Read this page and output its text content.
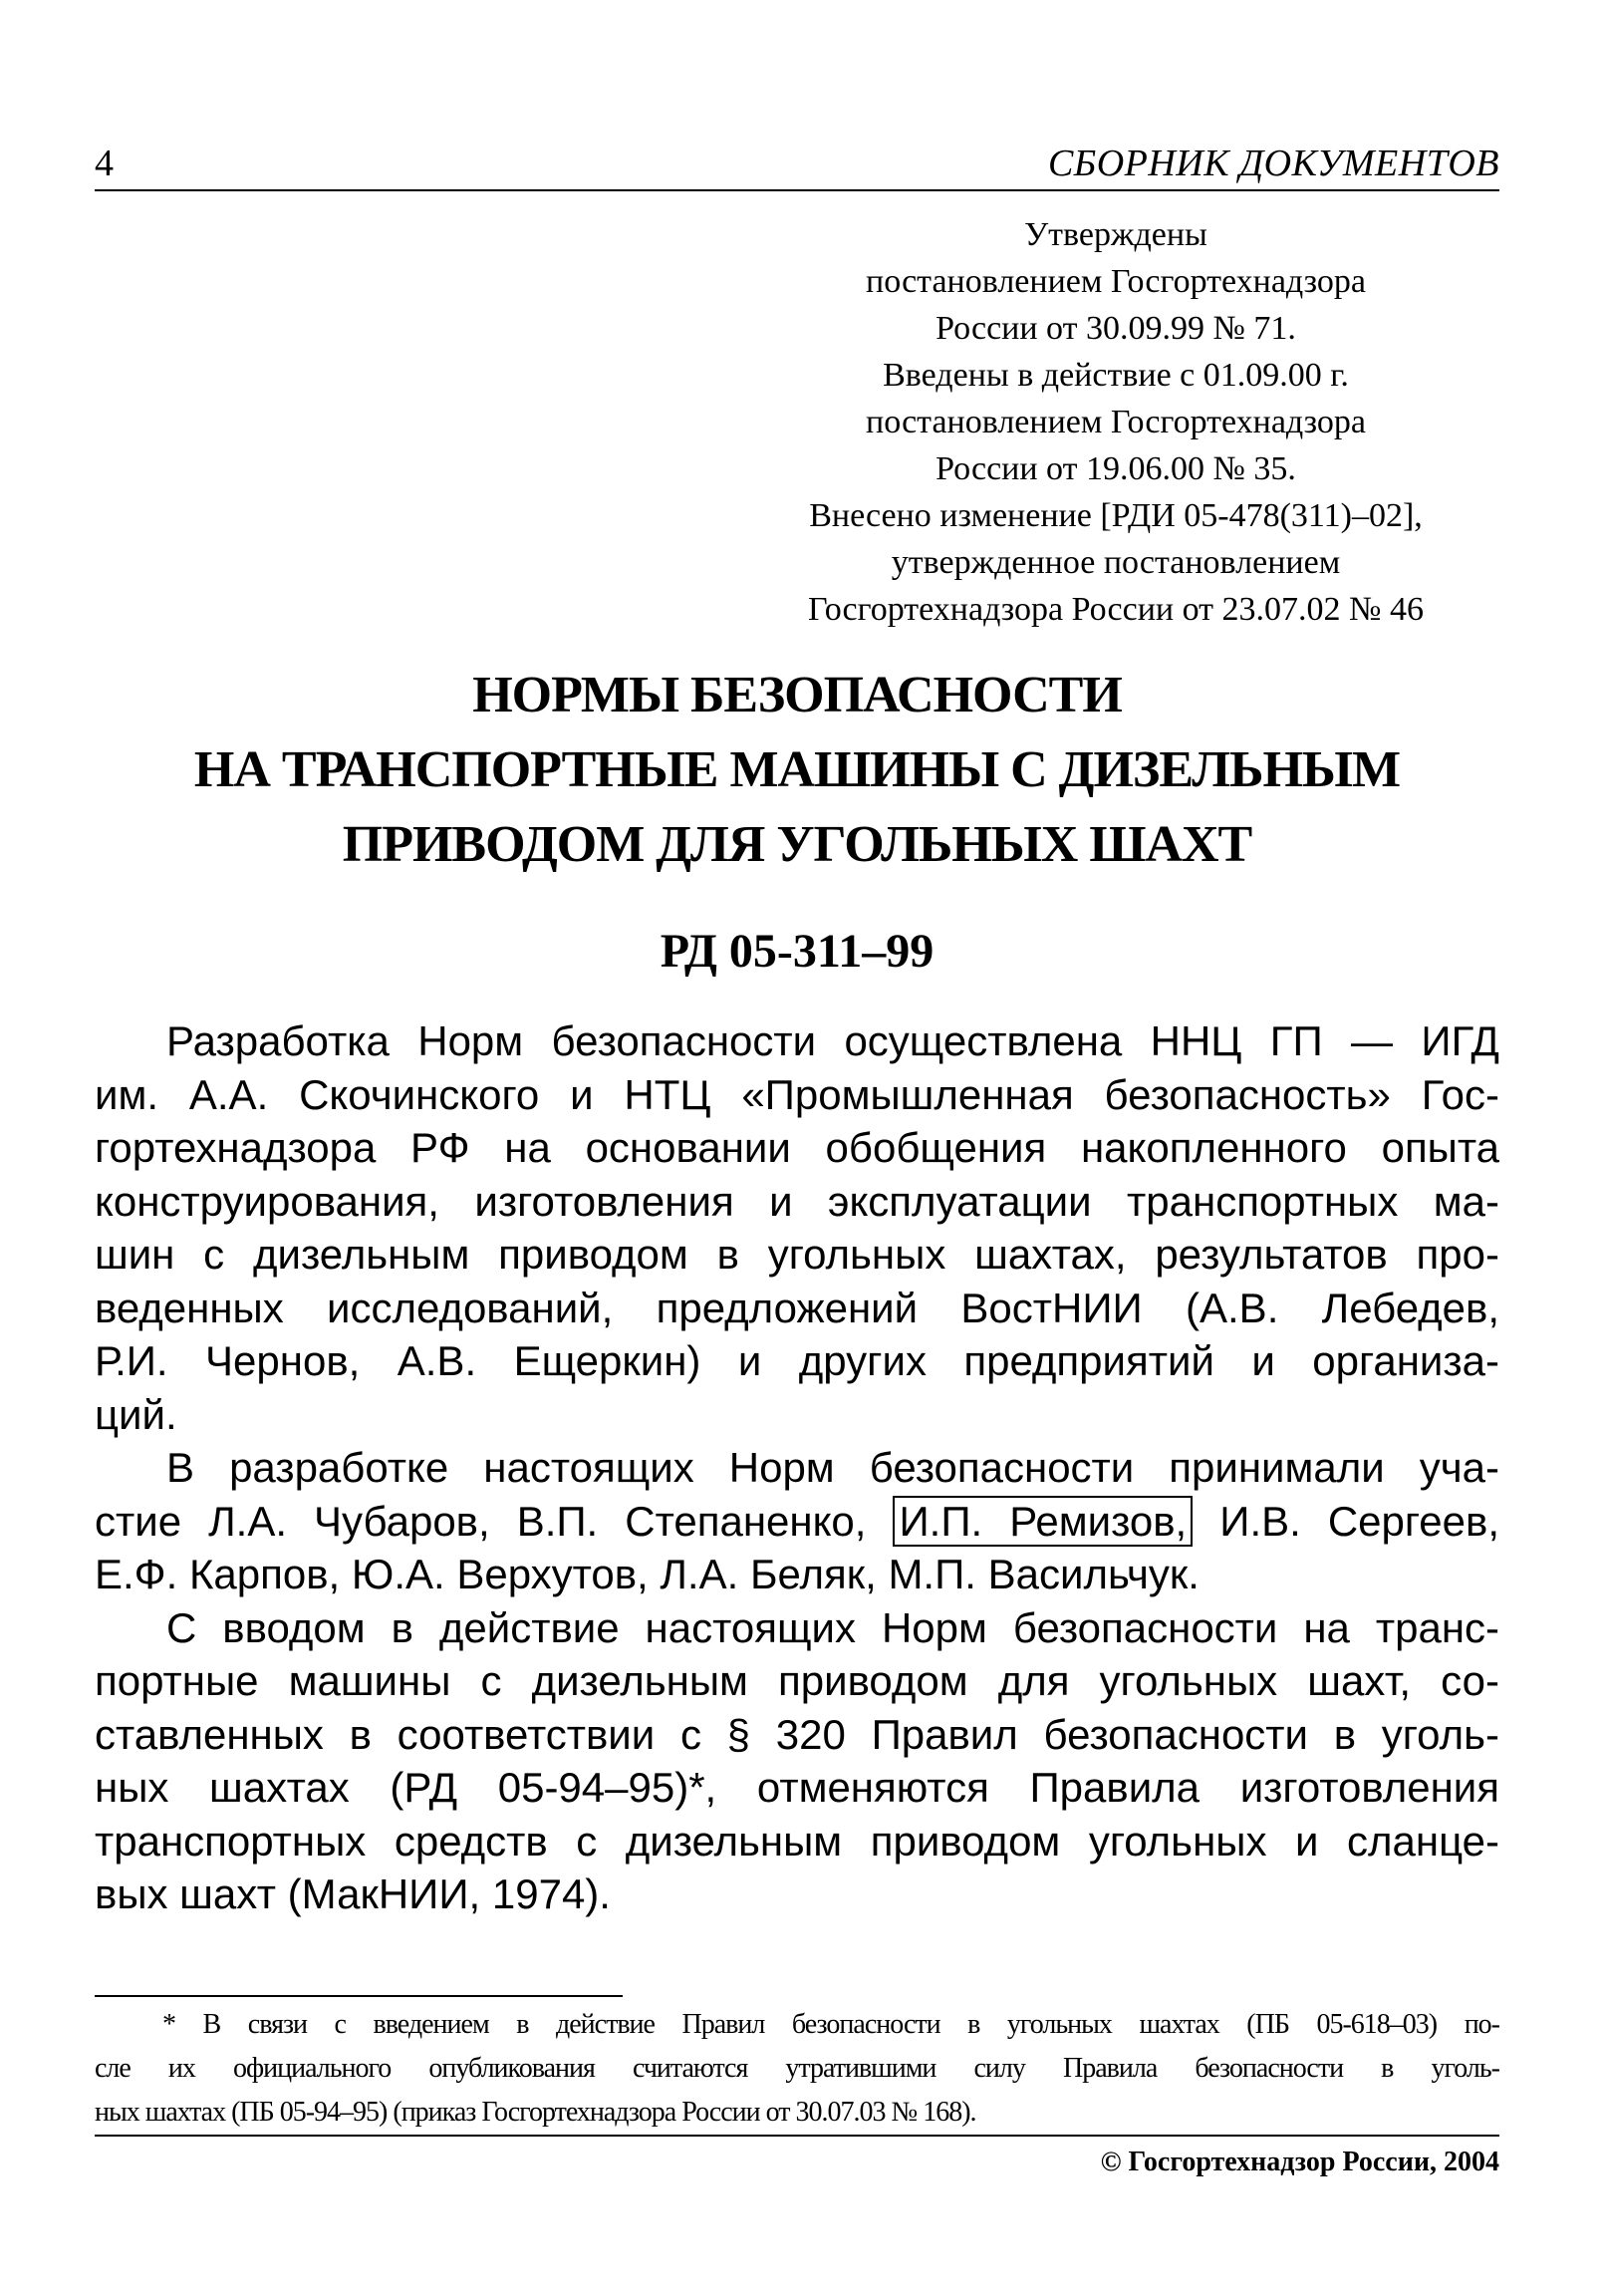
4	СБОРНИК ДОКУМЕНТОВ
Утверждены
постановлением Госгортехнадзора
России от 30.09.99 № 71.
Введены в действие с 01.09.00 г.
постановлением Госгортехнадзора
России от 19.06.00 № 35.
Внесено изменение [РДИ 05-478(311)–02],
утвержденное постановлением
Госгортехнадзора России от 23.07.02 № 46
НОРМЫ БЕЗОПАСНОСТИ
НА ТРАНСПОРТНЫЕ МАШИНЫ С ДИЗЕЛЬНЫМ
ПРИВОДОМ ДЛЯ УГОЛЬНЫХ ШАХТ
РД 05-311–99
Разработка Норм безопасности осуществлена ННЦ ГП — ИГД
им. А.А. Скочинского и НТЦ «Промышленная безопасность» Гос-
гортехнадзора РФ на основании обобщения накопленного опыта
конструирования, изготовления и эксплуатации транспортных ма-
шин с дизельным приводом в угольных шахтах, результатов про-
веденных исследований, предложений ВостНИИ (А.В. Лебедев,
Р.И. Чернов, А.В. Ещеркин) и других предприятий и организа-
ций.
В разработке настоящих Норм безопасности принимали уча-
стие Л.А. Чубаров, В.П. Степаненко, И.П. Ремизов, И.В. Сергеев,
Е.Ф. Карпов, Ю.А. Верхутов, Л.А. Беляк, М.П. Васильчук.
С вводом в действие настоящих Норм безопасности на транс-
портные машины с дизельным приводом для угольных шахт, со-
ставленных в соответствии с § 320 Правил безопасности в уголь-
ных шахтах (РД 05-94–95)*, отменяются Правила изготовления
транспортных средств с дизельным приводом угольных и сланце-
вых шахт (МакНИИ, 1974).
* В связи с введением в действие Правил безопасности в угольных шахтах (ПБ 05-618–03) по-
сле их официального опубликования считаются утратившими силу Правила безопасности в уголь-
ных шахтах (ПБ 05-94–95) (приказ Госгортехнадзора России от 30.07.03 № 168).
© Госгортехнадзор России, 2004
